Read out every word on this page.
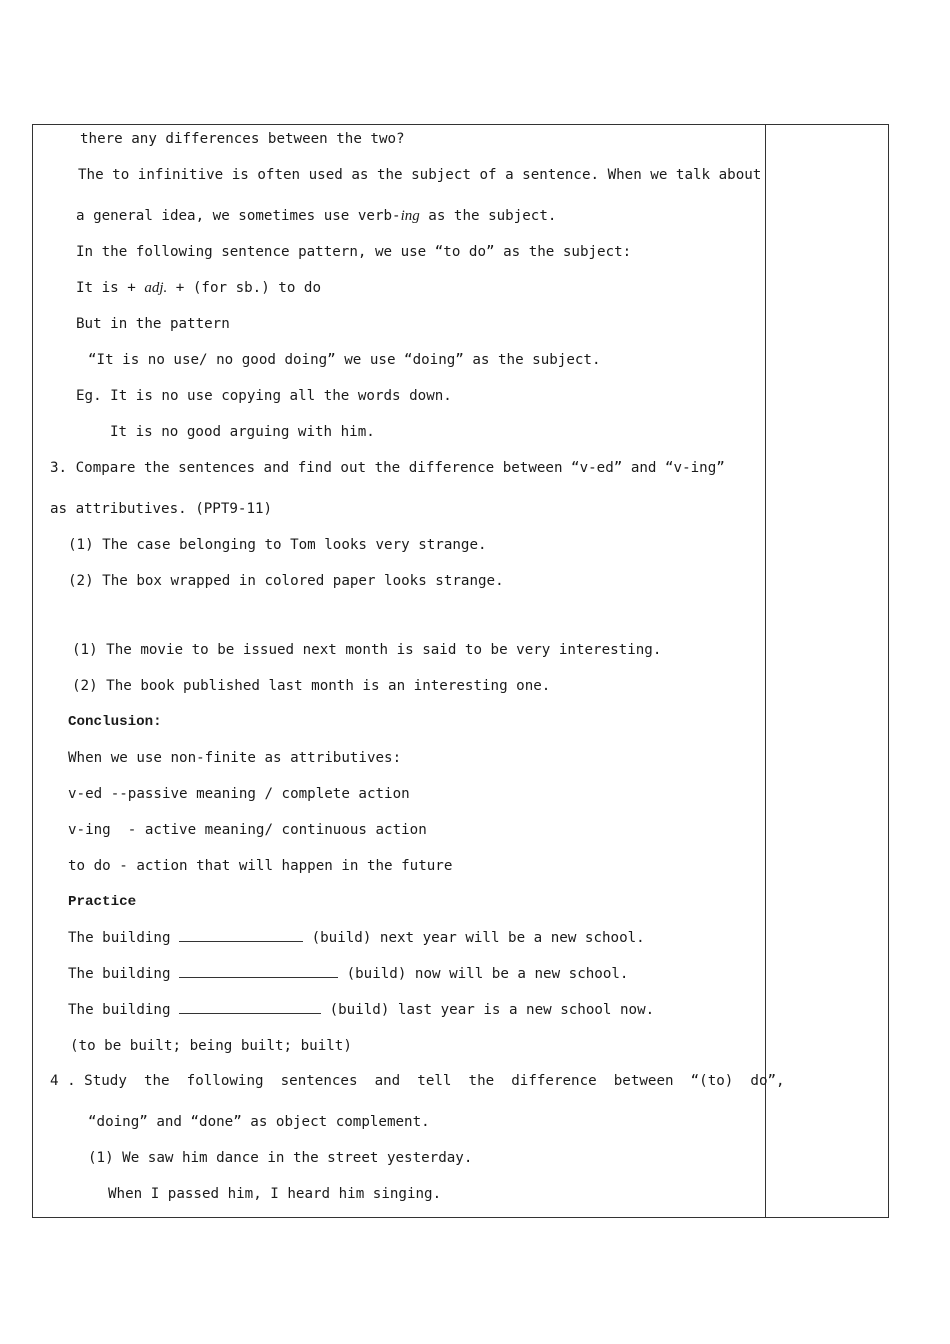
there any differences between the two?
The to infinitive is often used as the subject of a sentence. When we talk about
a general idea, we sometimes use verb-ing as the subject.
In the following sentence pattern, we use “to do” as the subject:
It is + adj. + (for sb.) to do
But in the pattern
“It is no use/ no good doing” we use “doing” as the subject.
Eg. It is no use copying all the words down.
It is no good arguing with him.
3. Compare the sentences and find out the difference between “v-ed” and “v-ing”
as attributives. (PPT9-11)
(1) The case belonging to Tom looks very strange.
(2) The box wrapped in colored paper looks strange.
(1) The movie to be issued next month is said to be very interesting.
(2) The book published last month is an interesting one.
Conclusion:
When we use non-finite as attributives:
v-ed --passive meaning / complete action
v-ing  - active meaning/ continuous action
to do - action that will happen in the future
Practice
The building	(build) next year will be a new school.
The building	(build) now will be a new school.
The building	(build) last year is a new school now.
(to be built; being built; built)
4 . Study  the  following  sentences  and  tell  the  difference  between  “(to)  do”,
“doing” and “done” as object complement.
(1) We saw him dance in the street yesterday.
When I passed him, I heard him singing.
